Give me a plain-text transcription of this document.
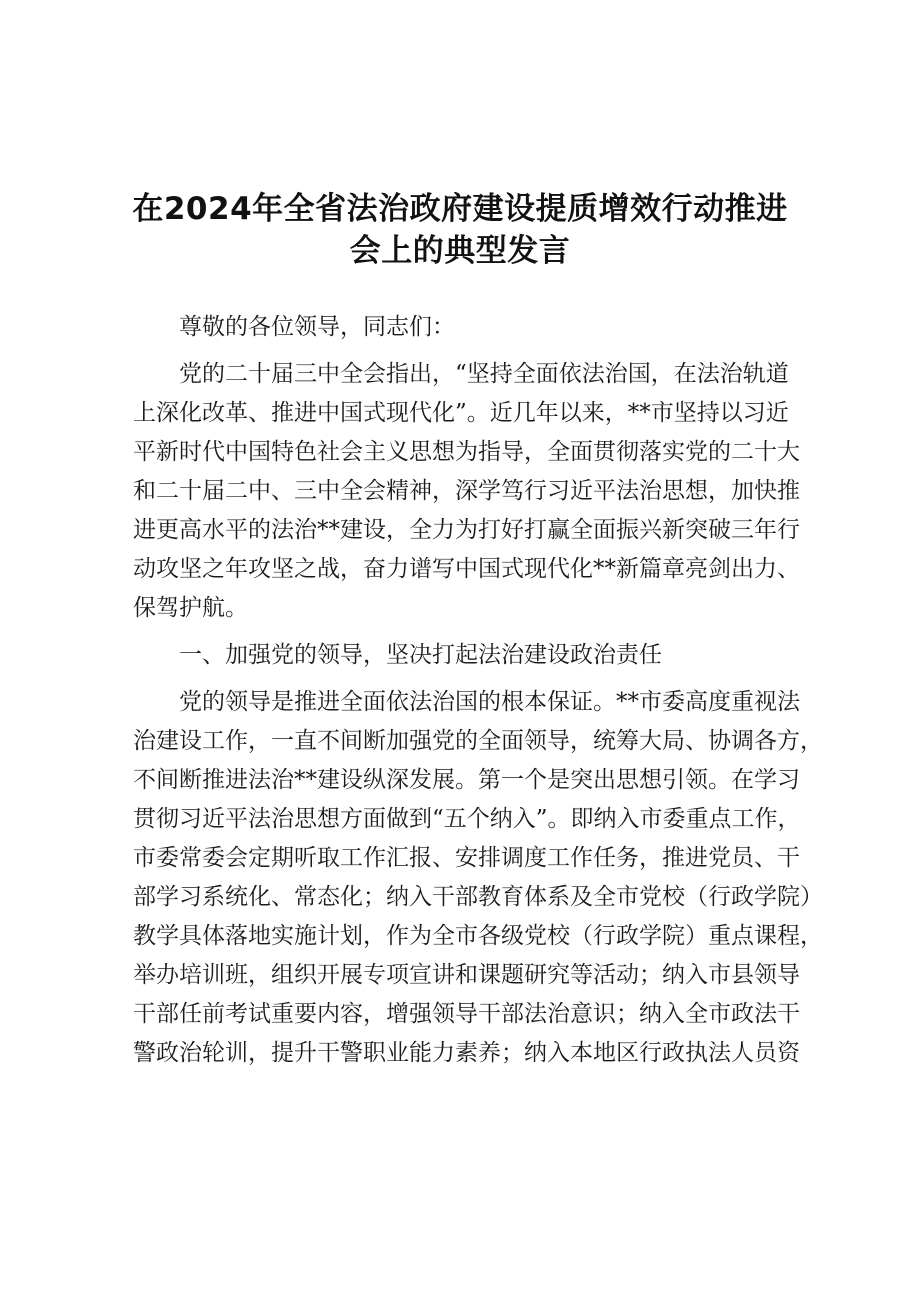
在2024年全省法治政府建设提质增效行动推进
会上的典型发言

尊敬的各位领导，同志们：

党的二十届三中全会指出，“坚持全面依法治国，在法治轨道
上深化改革、推进中国式现代化”。近几年以来，**市坚持以习近
平新时代中国特色社会主义思想为指导，全面贯彻落实党的二十大
和二十届二中、三中全会精神，深学笃行习近平法治思想，加快推
进更高水平的法治**建设，全力为打好打赢全面振兴新突破三年行
动攻坚之年攻坚之战，奋力谱写中国式现代化**新篇章亮剑出力、
保驾护航。

一、加强党的领导，坚决打起法治建设政治责任

党的领导是推进全面依法治国的根本保证。**市委高度重视法
治建设工作，一直不间断加强党的全面领导，统筹大局、协调各方，
不间断推进法治**建设纵深发展。第一个是突出思想引领。在学习
贯彻习近平法治思想方面做到“五个纳入”。即纳入市委重点工作，
市委常委会定期听取工作汇报、安排调度工作任务，推进党员、干
部学习系统化、常态化；纳入干部教育体系及全市党校（行政学院）
教学具体落地实施计划，作为全市各级党校（行政学院）重点课程，
举办培训班，组织开展专项宣讲和课题研究等活动；纳入市县领导
干部任前考试重要内容，增强领导干部法治意识；纳入全市政法干
警政治轮训，提升干警职业能力素养；纳入本地区行政执法人员资
